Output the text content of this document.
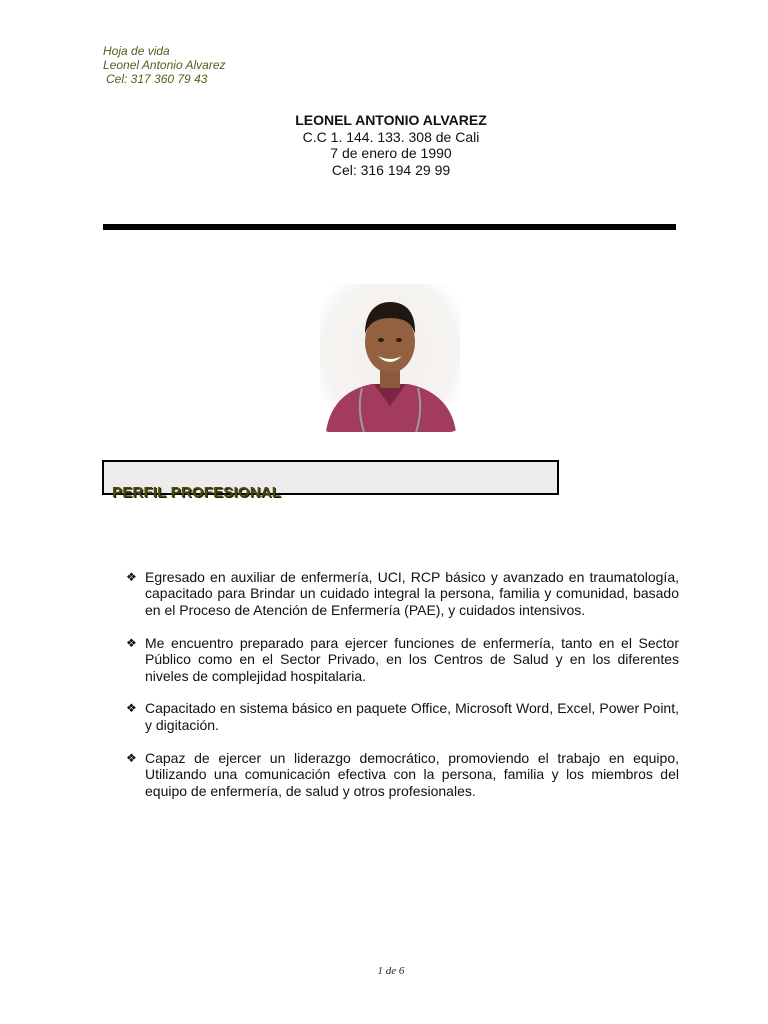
Hoja de vida
Leonel Antonio Alvarez
Cel: 317 360 79 43
LEONEL ANTONIO ALVAREZ
C.C 1. 144. 133. 308 de Cali
7 de enero de 1990
Cel: 316 194 29 99
PERFIL PROFESIONAL
❖ Egresado en auxiliar de enfermería, UCI, RCP básico y avanzado en traumatología, capacitado para Brindar un cuidado integral la persona, familia y comunidad, basado en el Proceso de Atención de Enfermería (PAE), y cuidados intensivos.
❖ Me encuentro preparado para ejercer funciones de enfermería, tanto en el Sector Público como en el Sector Privado, en los Centros de Salud y en los diferentes niveles de complejidad hospitalaria.
❖ Capacitado en sistema básico en paquete Office, Microsoft Word, Excel, Power Point, y digitación.
❖ Capaz de ejercer un liderazgo democrático, promoviendo el trabajo en equipo, Utilizando una comunicación efectiva con la persona, familia y los miembros del equipo de enfermería, de salud y otros profesionales.
1 de 6
